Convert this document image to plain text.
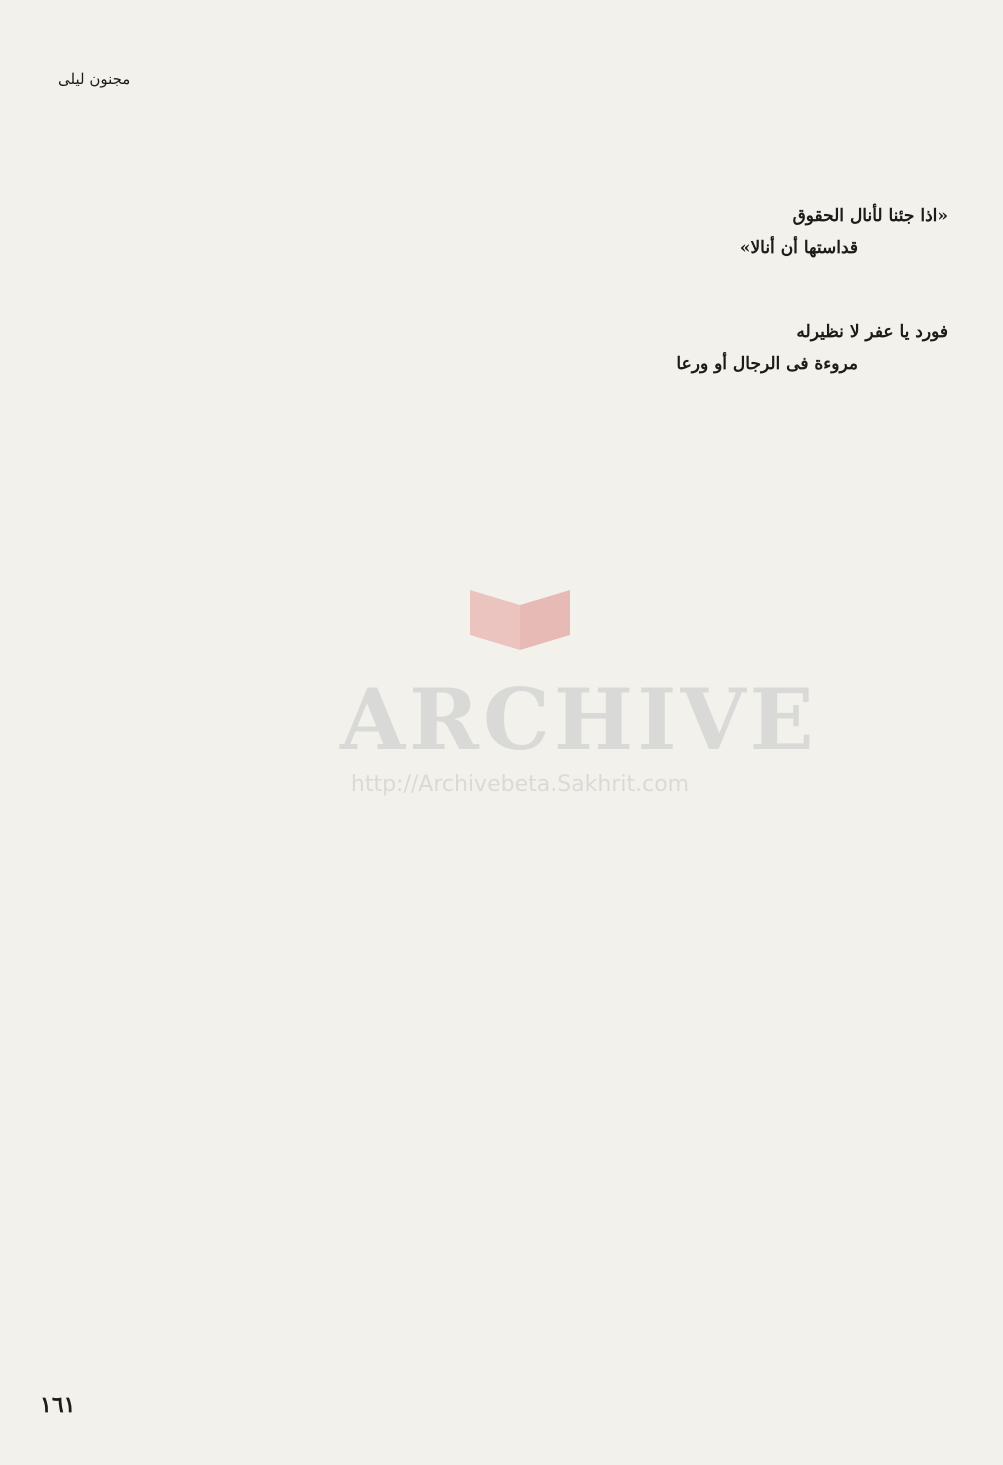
مجنون ليلى

«اذا جئنا لأنال الحقوق
قداستها أن أنالا»

فورد يا عفر لا نظيرله
مروءة فى الرجال أو ورعا

ARCHIVE
http://Archivebeta.Sakhrit.com
١٦١
